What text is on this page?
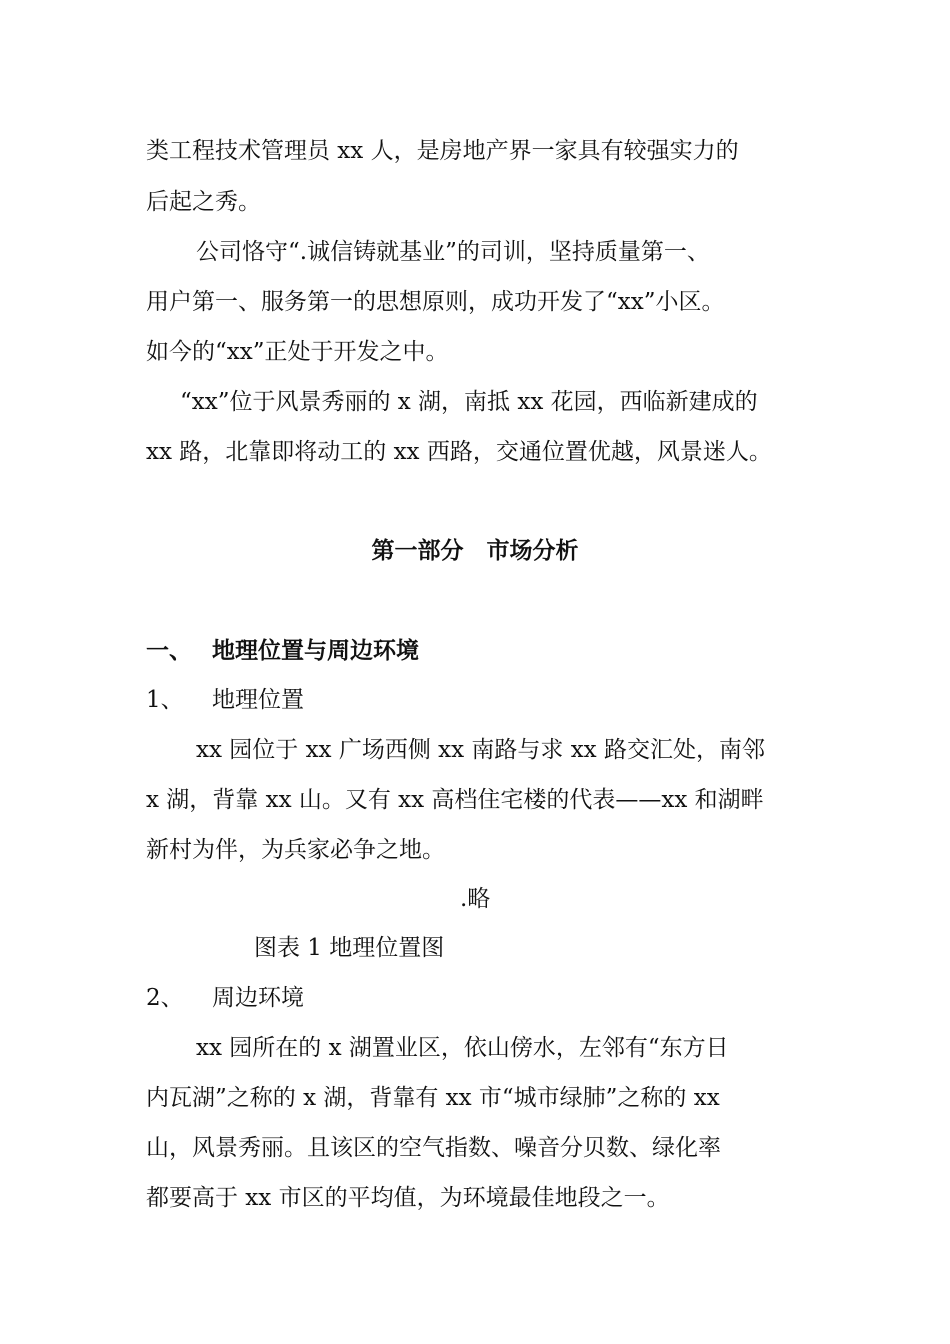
类工程技术管理员 xx 人，是房地产界一家具有较强实力的
后起之秀。
公司恪守“.诚信铸就基业”的司训，坚持质量第一、
用户第一、服务第一的思想原则，成功开发了“xx”小区。
如今的“xx”正处于开发之中。
“xx”位于风景秀丽的 x 湖，南抵 xx 花园，西临新建成的
xx 路，北靠即将动工的 xx 西路，交通位置优越，风景迷人。
第一部分　市场分析
一、 地理位置与周边环境
1、 地理位置
xx 园位于 xx 广场西侧 xx 南路与求 xx 路交汇处，南邻
x 湖，背靠 xx 山。又有 xx 高档住宅楼的代表——xx 和湖畔
新村为伴，为兵家必争之地。
.略
图表 1 地理位置图
2、 周边环境
xx 园所在的 x 湖置业区，依山傍水，左邻有“东方日
内瓦湖”之称的 x 湖，背靠有 xx 市“城市绿肺”之称的 xx
山，风景秀丽。且该区的空气指数、噪音分贝数、绿化率
都要高于 xx 市区的平均值，为环境最佳地段之一。
